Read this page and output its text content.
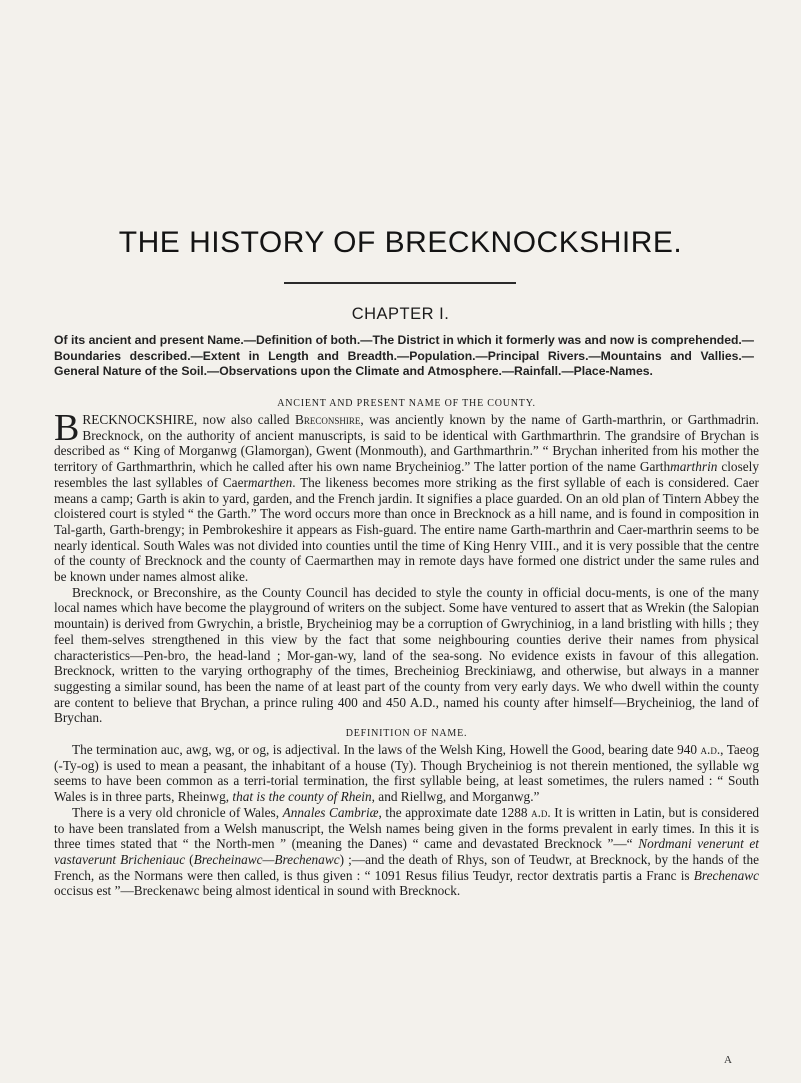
THE HISTORY OF BRECKNOCKSHIRE.
CHAPTER I.
Of its ancient and present Name.—Definition of both.—The District in which it formerly was and now is comprehended.—Boundaries described.—Extent in Length and Breadth.—Population.—Principal Rivers.—Mountains and Vallies.—General Nature of the Soil.—Observations upon the Climate and Atmosphere.—Rainfall.—Place-Names.
ANCIENT AND PRESENT NAME OF THE COUNTY.

BRECKNOCKSHIRE, now also called Breconshire, was anciently known by the name of Garth-marthrin, or Garthmadrin. Brecknock, on the authority of ancient manuscripts, is said to be identical with Garthmarthrin. The grandsire of Brychan is described as “ King of Morganwg (Glamorgan), Gwent (Monmouth), and Garthmarthrin.” “ Brychan inherited from his mother the territory of Garthmarthrin, which he called after his own name Brycheiniog.” The latter portion of the name Garthmarthrin closely resembles the last syllables of Caermarthen. The likeness becomes more striking as the first syllable of each is considered. Caer means a camp; Garth is akin to yard, garden, and the French jardin. It signifies a place guarded. On an old plan of Tintern Abbey the cloistered court is styled “ the Garth.” The word occurs more than once in Brecknock as a hill name, and is found in composition in Tal-garth, Garth-brengy; in Pembrokeshire it appears as Fish-guard. The entire name Garth-marthrin and Caer-marthrin seems to be nearly identical. South Wales was not divided into counties until the time of King Henry VIII., and it is very possible that the centre of the county of Brecknock and the county of Caermarthen may in remote days have formed one district under the same rules and be known under names almost alike.

Brecknock, or Breconshire, as the County Council has decided to style the county in official docu-ments, is one of the many local names which have become the playground of writers on the subject. Some have ventured to assert that as Wrekin (the Salopian mountain) is derived from Gwrychin, a bristle, Brycheiniog may be a corruption of Gwrychiniog, in a land bristling with hills ; they feel them-selves strengthened in this view by the fact that some neighbouring counties derive their names from physical characteristics—Pen-bro, the head-land ; Mor-gan-wy, land of the sea-song. No evidence exists in favour of this allegation. Brecknock, written to the varying orthography of the times, Brecheiniog Breckiniawg, and otherwise, but always in a manner suggesting a similar sound, has been the name of at least part of the county from very early days. We who dwell within the county are content to believe that Brychan, a prince ruling 400 and 450 A.D., named his county after himself—Brycheiniog, the land of Brychan.

DEFINITION OF NAME.

The termination auc, awg, wg, or og, is adjectival. In the laws of the Welsh King, Howell the Good, bearing date 940 a.d., Taeog (-Ty-og) is used to mean a peasant, the inhabitant of a house (Ty). Though Brycheiniog is not therein mentioned, the syllable wg seems to have been common as a terri-torial termination, the first syllable being, at least sometimes, the rulers named : “ South Wales is in three parts, Rheinwg, that is the county of Rhein, and Riellwg, and Morganwg.”

There is a very old chronicle of Wales, Annales Cambriæ, the approximate date 1288 a.d. It is written in Latin, but is considered to have been translated from a Welsh manuscript, the Welsh names being given in the forms prevalent in early times. In this it is three times stated that “ the North-men ” (meaning the Danes) “ came and devastated Brecknock ”—“ Nordmani venerunt et vastaverunt Bricheniauc (Brecheinawc—Brechenawc) ;—and the death of Rhys, son of Teudwr, at Brecknock, by the hands of the French, as the Normans were then called, is thus given : “ 1091 Resus filius Teudyr, rector dextratis partis a Franc is Brechenawc occisus est ”—Breckenawc being almost identical in sound with Brecknock.

A
